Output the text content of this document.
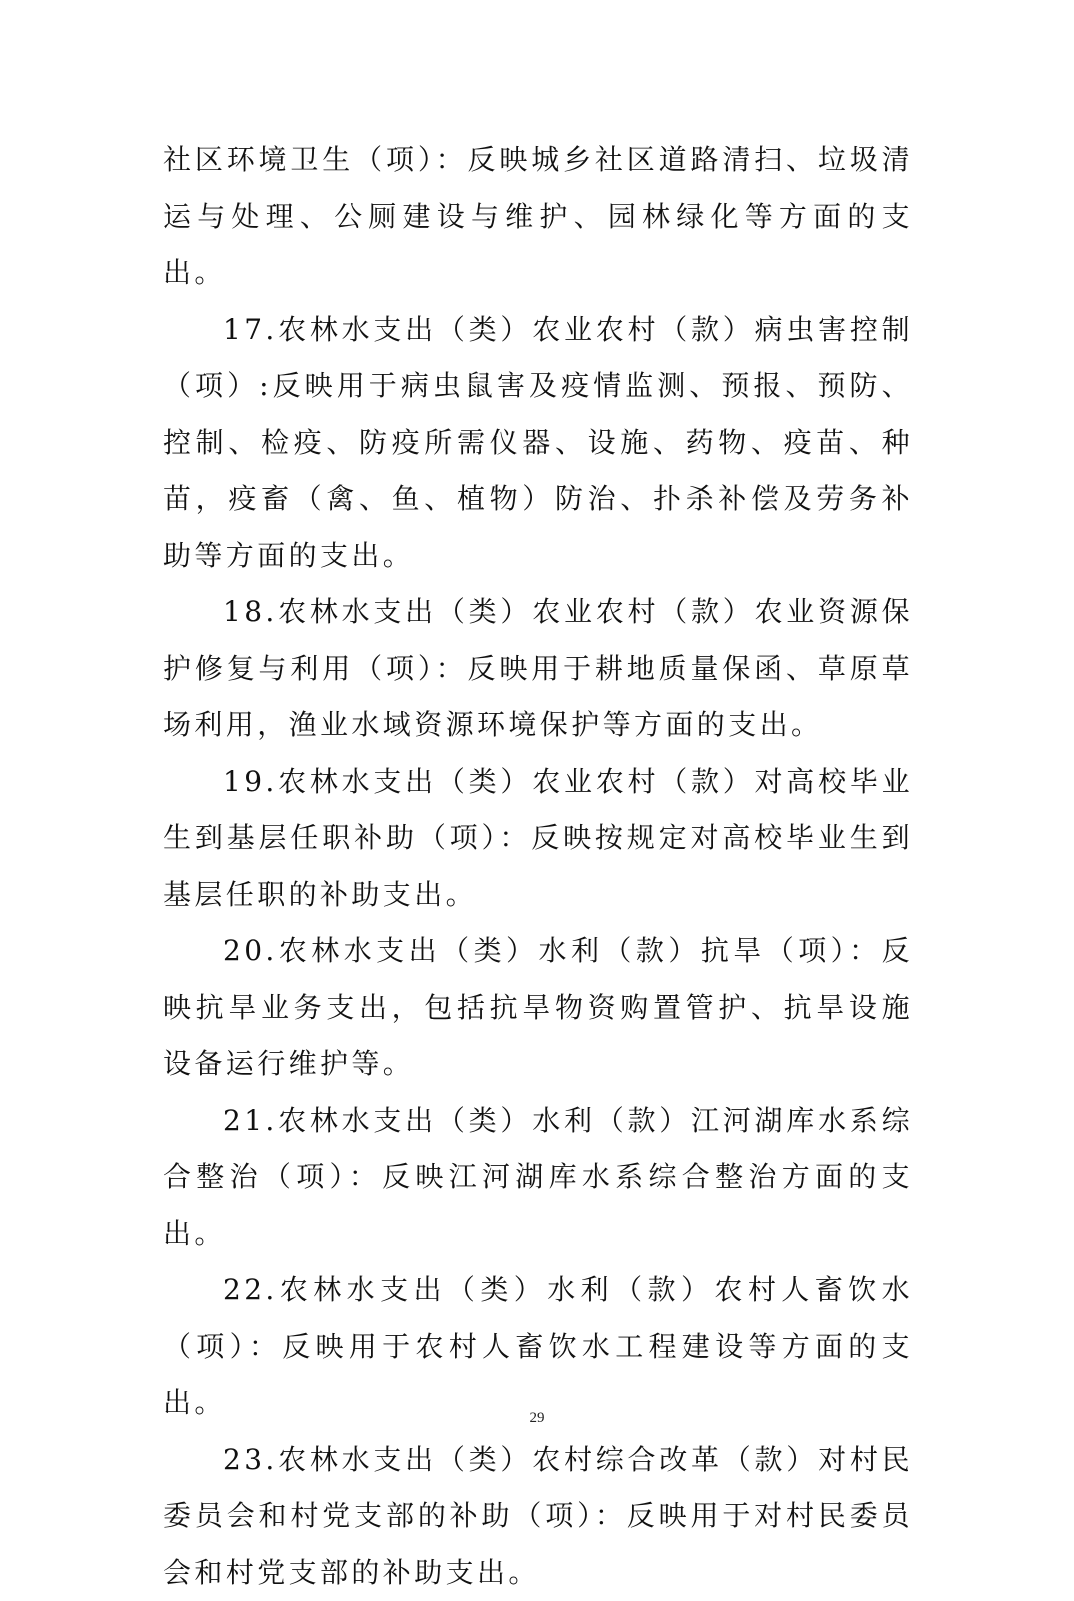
社区环境卫生（项）：反映城乡社区道路清扫、垃圾清运与处理、公厕建设与维护、园林绿化等方面的支出。

17.农林水支出（类）农业农村（款）病虫害控制（项）:反映用于病虫鼠害及疫情监测、预报、预防、控制、检疫、防疫所需仪器、设施、药物、疫苗、种苗，疫畜（禽、鱼、植物）防治、扑杀补偿及劳务补助等方面的支出。

18.农林水支出（类）农业农村（款）农业资源保护修复与利用（项）：反映用于耕地质量保函、草原草场利用，渔业水域资源环境保护等方面的支出。

19.农林水支出（类）农业农村（款）对高校毕业生到基层任职补助（项）：反映按规定对高校毕业生到基层任职的补助支出。

20.农林水支出（类）水利（款）抗旱（项）：反映抗旱业务支出，包括抗旱物资购置管护、抗旱设施设备运行维护等。

21.农林水支出（类）水利（款）江河湖库水系综合整治（项）：反映江河湖库水系综合整治方面的支出。

22.农林水支出（类）水利（款）农村人畜饮水（项）：反映用于农村人畜饮水工程建设等方面的支出。

23.农林水支出（类）农村综合改革（款）对村民委员会和村党支部的补助（项）：反映用于对村民委员会和村党支部的补助支出。

29
